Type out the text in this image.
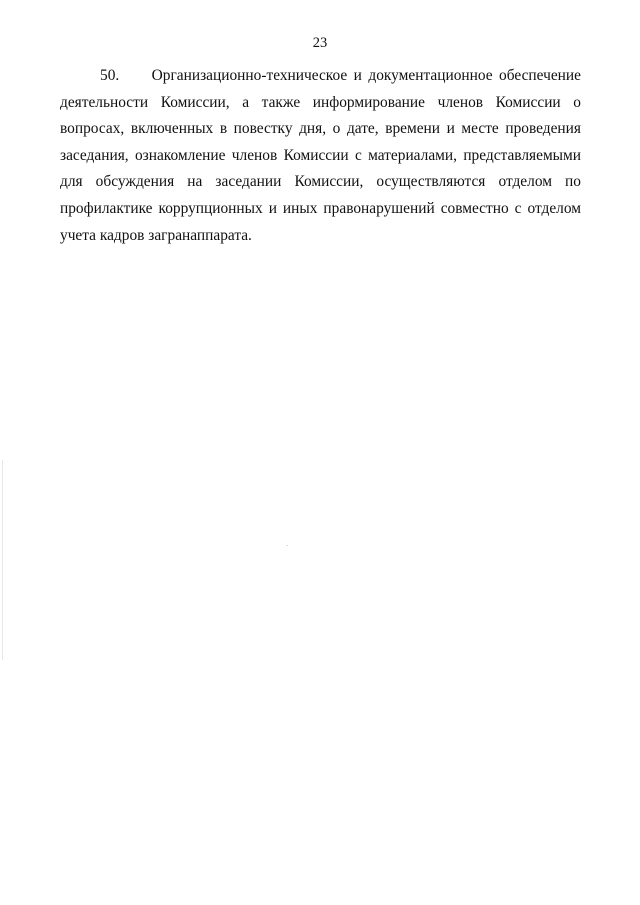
23

50. Организационно-техническое и документационное обеспечение деятельности Комиссии, а также информирование членов Комиссии о вопросах, включенных в повестку дня, о дате, времени и месте проведения заседания, ознакомление членов Комиссии с материалами, представляемыми для обсуждения на заседании Комиссии, осуществляются отделом по профилактике коррупционных и иных правонарушений совместно с отделом учета кадров загранаппарата.
